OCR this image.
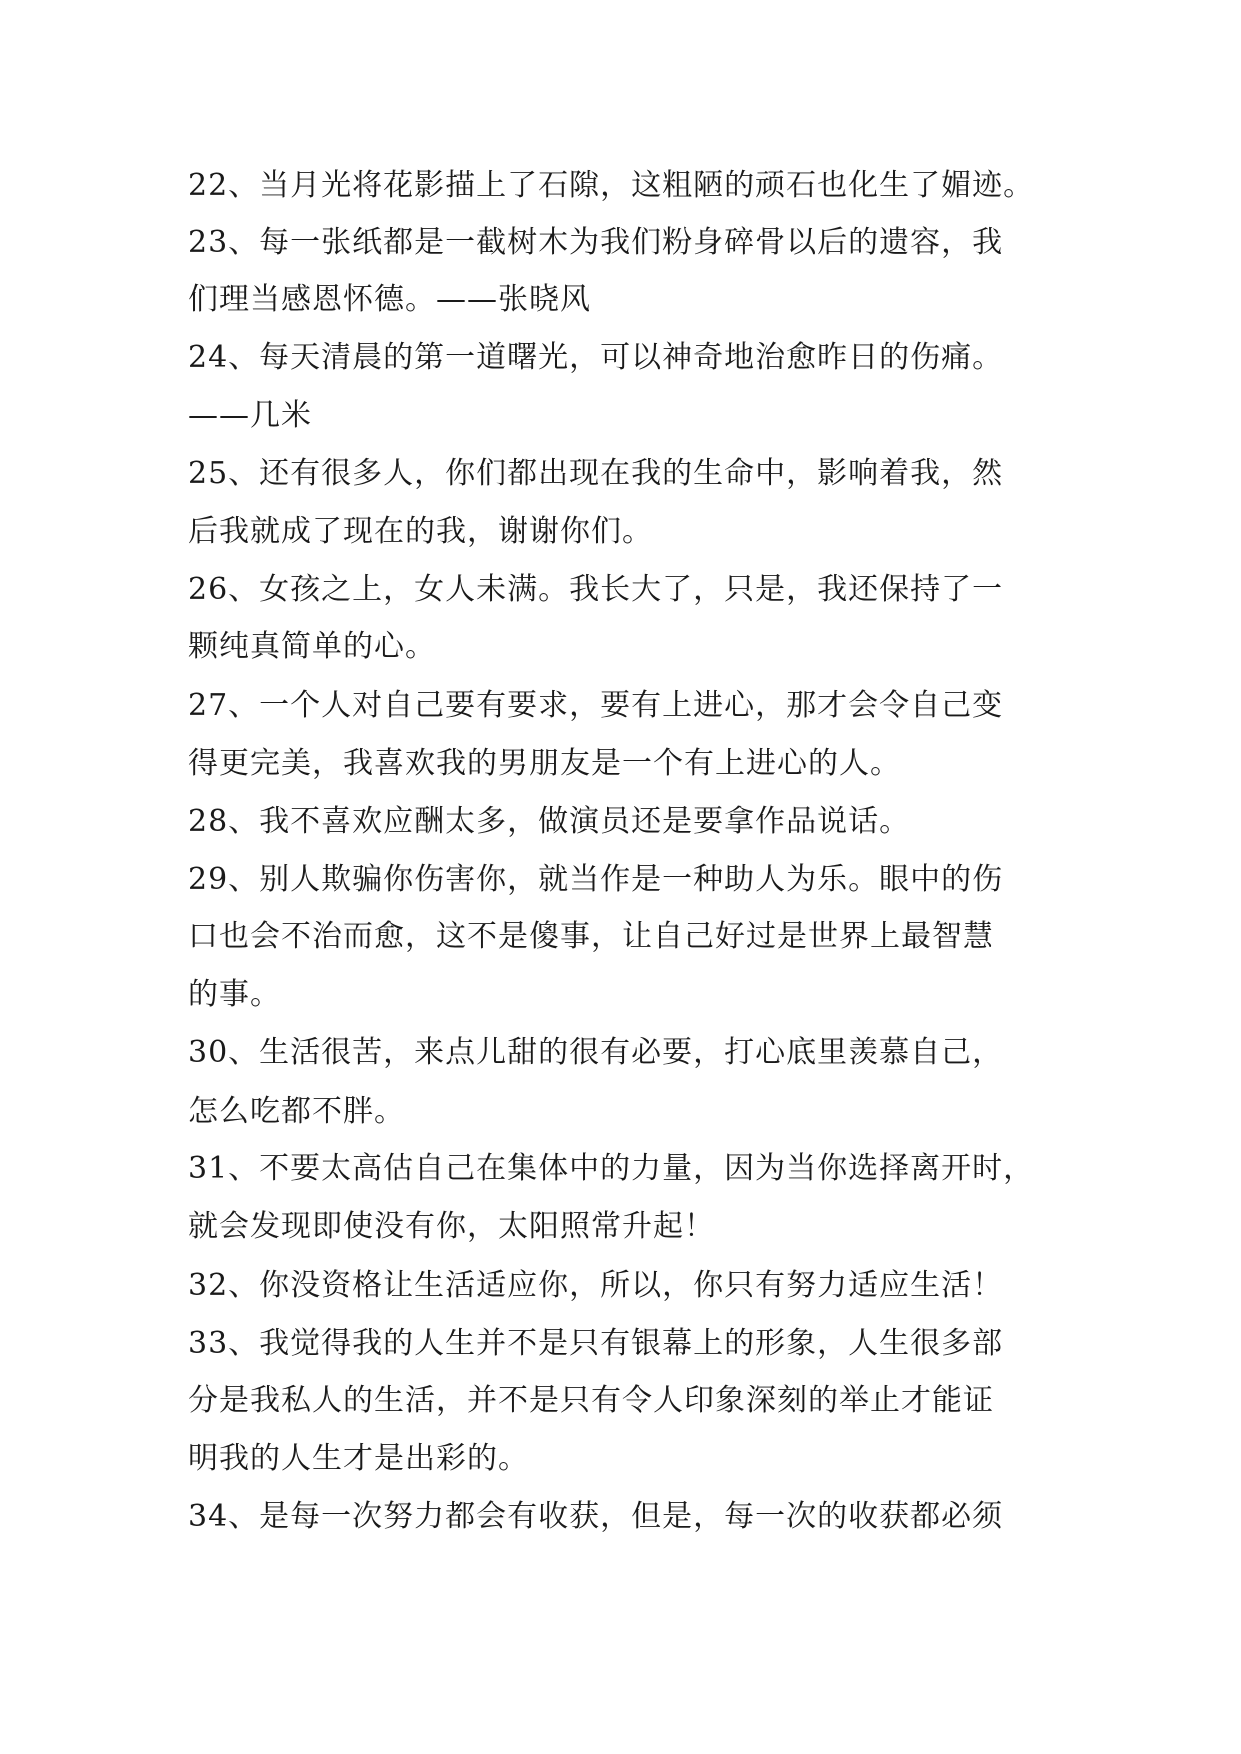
22、当月光将花影描上了石隙，这粗陋的顽石也化生了媚迹。
23、每一张纸都是一截树木为我们粉身碎骨以后的遗容，我
们理当感恩怀德。——张晓风
24、每天清晨的第一道曙光，可以神奇地治愈昨日的伤痛。
——几米
25、还有很多人，你们都出现在我的生命中，影响着我，然
后我就成了现在的我，谢谢你们。
26、女孩之上，女人未满。我长大了，只是，我还保持了一
颗纯真简单的心。
27、一个人对自己要有要求，要有上进心，那才会令自己变
得更完美，我喜欢我的男朋友是一个有上进心的人。
28、我不喜欢应酬太多，做演员还是要拿作品说话。
29、别人欺骗你伤害你，就当作是一种助人为乐。眼中的伤
口也会不治而愈，这不是傻事，让自己好过是世界上最智慧
的事。
30、生活很苦，来点儿甜的很有必要，打心底里羡慕自己，
怎么吃都不胖。
31、不要太高估自己在集体中的力量，因为当你选择离开时，
就会发现即使没有你，太阳照常升起！
32、你没资格让生活适应你，所以，你只有努力适应生活！
33、我觉得我的人生并不是只有银幕上的形象，人生很多部
分是我私人的生活，并不是只有令人印象深刻的举止才能证
明我的人生才是出彩的。
34、是每一次努力都会有收获，但是，每一次的收获都必须
